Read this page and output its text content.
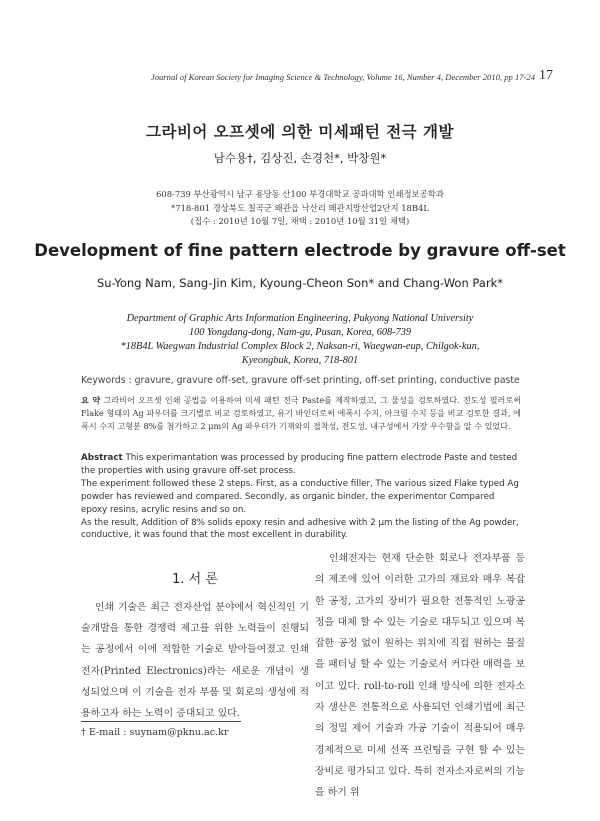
Journal of Korean Society for Imaging Science & Technology, Volume 16, Number 4, December 2010, pp 17-24 17
그라비어 오프셋에 의한 미세패턴 전극 개발
남수용†, 김상진, 손경천*, 박창원*
608-739 부산광역시 남구 용당동 산100 부경대학교 공과대학 인쇄정보공학과
*718-801 경상북도 칠곡군 왜관읍 낙산리 왜관지방산업2단지 18B4L
(접수 : 2010년 10월 7일, 채택 : 2010년 10월 31일 채택)
Development of fine pattern electrode by gravure off-set
Su-Yong Nam, Sang-Jin Kim, Kyoung-Cheon Son* and Chang-Won Park*
Department of Graphic Arts Information Engineering, Pukyong National University
100 Yongdang-dong, Nam-gu, Pusan, Korea, 608-739
*18B4L Waegwan Industrial Complex Block 2, Naksan-ri, Waegwan-eup, Chilgok-kun,
Kyeongbuk, Korea, 718-801
Keywords : gravure, gravure off-set, gravure off-set printing, off-set printing, conductive paste
요 약 그라비어 오프셋 인쇄 공법을 이용하여 미세 패턴 전극 Paste를 제작하였고, 그 물성을 검토하였다. 전도성 필러로써 Flake 형태의 Ag 파우더를 크기별로 비교 검토하였고, 유기 바인더로써 에폭시 수지, 아크릴 수지 등을 비교 검토한 결과, 에폭시 수지 고형분 8%를 첨가하고 2 μm의 Ag 파우더가 기재와의 접착성, 전도성, 내구성에서 가장 우수함을 알 수 있었다.

Abstract This experimantation was processed by producing fine pattern electrode Paste and tested the properties with using gravure off-set process.

The experiment followed these 2 steps. First, as a conductive filler, The various sized Flake typed Ag powder has reviewed and compared. Secondly, as organic binder, the experimentor Compared epoxy resins, acrylic resins and so on.

As the result, Addition of 8% solids epoxy resin and adhesive with 2 μm the listing of the Ag powder, conductive, it was found that the most excellent in durability.

1. 서 론

인쇄 기술은 최근 전자산업 분야에서 혁신적인 기술개발을 통한 경쟁력 제고를 위한 노력들이 진행되는 공정에서 이에 적합한 기술로 받아들여졌고 인쇄전자(Printed Electronics)라는 새로운 개념이 생성되었으며 이 기술을 전자 부품 및 회로의 생성에 적용하고자 하는 노력이 증대되고 있다.

인쇄전자는 현재 단순한 회로나 전자부품 등의 제조에 있어 이러한 고가의 재료와 매우 복잡한 공정, 고가의 장비가 필요한 전통적인 노광공정을 대체 할 수 있는 기술로 대두되고 있으며 복잡한 공정 없이 원하는 위치에 직접 원하는 물질을 패터닝 할 수 있는 기술로서 커다란 매력을 보이고 있다. roll-to-roll 인쇄 방식에 의한 전자소자 생산은 전통적으로 사용되던 인쇄기법에 최근의 정밀 제어 기술과 가공 기술이 적용되어 매우 경제적으로 미세 선폭 프린팅을 구현 할 수 있는 장비로 평가되고 있다. 특히 전자소자로써의 기능을 하기 위

† E-mail : suynam@pknu.ac.kr
